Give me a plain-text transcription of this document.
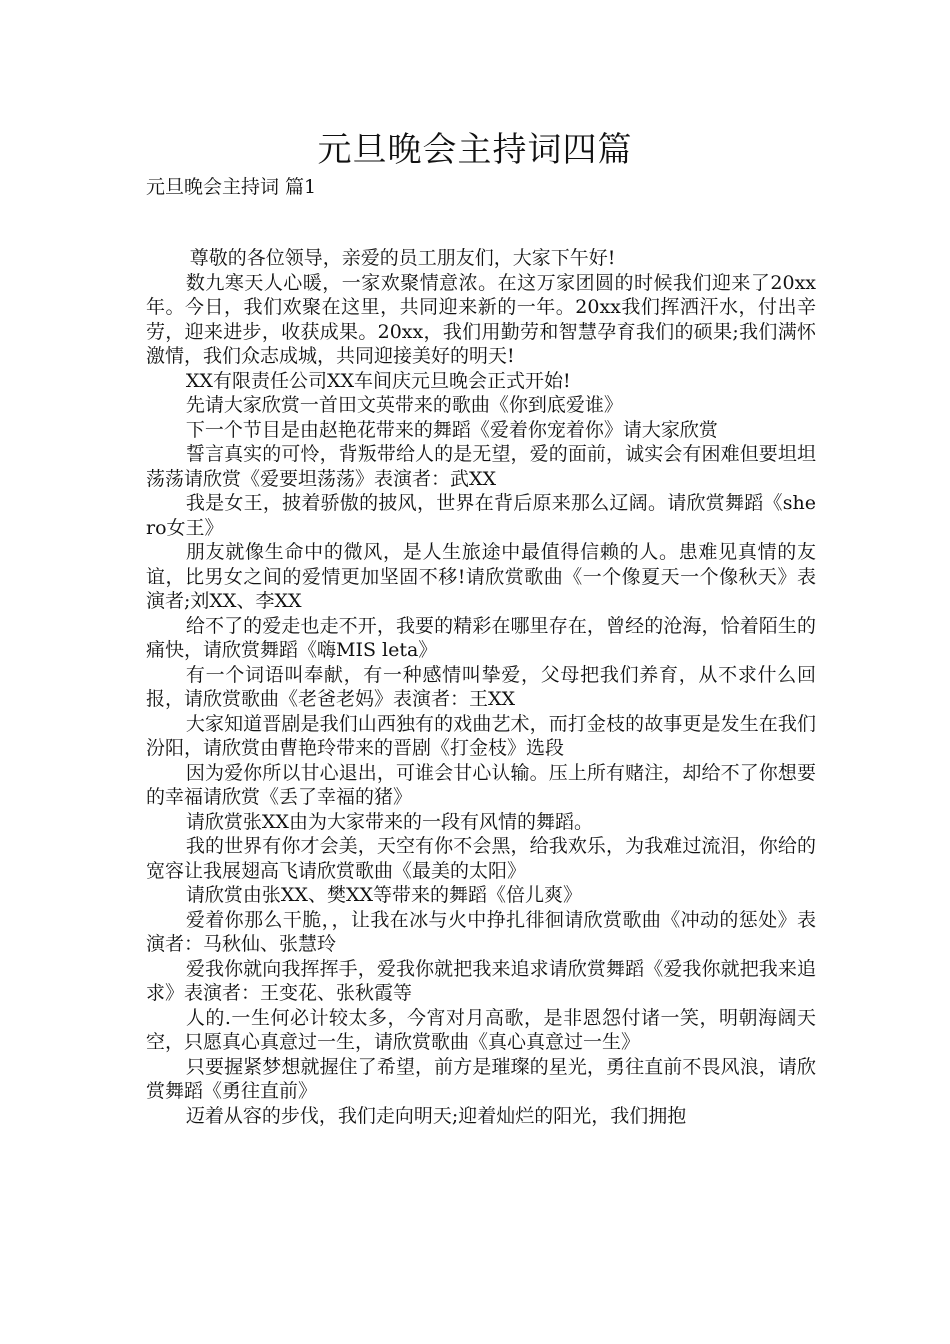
元旦晚会主持词四篇
元旦晚会主持词 篇1

尊敬的各位领导，亲爱的员工朋友们，大家下午好!

数九寒天人心暖，一家欢聚情意浓。在这万家团圆的时候我们迎来了20xx年。今日，我们欢聚在这里，共同迎来新的一年。20xx我们挥洒汗水，付出辛劳，迎来进步，收获成果。20xx，我们用勤劳和智慧孕育我们的硕果;我们满怀激情，我们众志成城，共同迎接美好的明天!

XX有限责任公司XX车间庆元旦晚会正式开始!

先请大家欣赏一首田文英带来的歌曲《你到底爱谁》

下一个节目是由赵艳花带来的舞蹈《爱着你宠着你》请大家欣赏

誓言真实的可怜，背叛带给人的是无望，爱的面前，诚实会有困难但要坦坦荡荡请欣赏《爱要坦荡荡》表演者：武XX

我是女王，披着骄傲的披风，世界在背后原来那么辽阔。请欣赏舞蹈《shero女王》

朋友就像生命中的微风，是人生旅途中最值得信赖的人。患难见真情的友谊，比男女之间的爱情更加坚固不移!请欣赏歌曲《一个像夏天一个像秋天》表演者;刘XX、李XX

给不了的爱走也走不开，我要的精彩在哪里存在，曾经的沧海，恰着陌生的痛快，请欣赏舞蹈《嗨MIS leta》

有一个词语叫奉献，有一种感情叫挚爱，父母把我们养育，从不求什么回报，请欣赏歌曲《老爸老妈》表演者：王XX

大家知道晋剧是我们山西独有的戏曲艺术，而打金枝的故事更是发生在我们汾阳，请欣赏由曹艳玲带来的晋剧《打金枝》选段

因为爱你所以甘心退出，可谁会甘心认输。压上所有赌注，却给不了你想要的幸福请欣赏《丢了幸福的猪》

请欣赏张XX由为大家带来的一段有风情的舞蹈。

我的世界有你才会美，天空有你不会黑，给我欢乐，为我难过流泪，你给的宽容让我展翅高飞请欣赏歌曲《最美的太阳》

请欣赏由张XX、樊XX等带来的舞蹈《倍儿爽》

爱着你那么干脆，，让我在冰与火中挣扎徘徊请欣赏歌曲《冲动的惩处》表演者：马秋仙、张慧玲

爱我你就向我挥挥手，爱我你就把我来追求请欣赏舞蹈《爱我你就把我来追求》表演者：王变花、张秋霞等

人的.一生何必计较太多，今宵对月高歌，是非恩怨付诸一笑，明朝海阔天空，只愿真心真意过一生，请欣赏歌曲《真心真意过一生》

只要握紧梦想就握住了希望，前方是璀璨的星光，勇往直前不畏风浪，请欣赏舞蹈《勇往直前》

迈着从容的步伐，我们走向明天;迎着灿烂的阳光，我们拥抱
